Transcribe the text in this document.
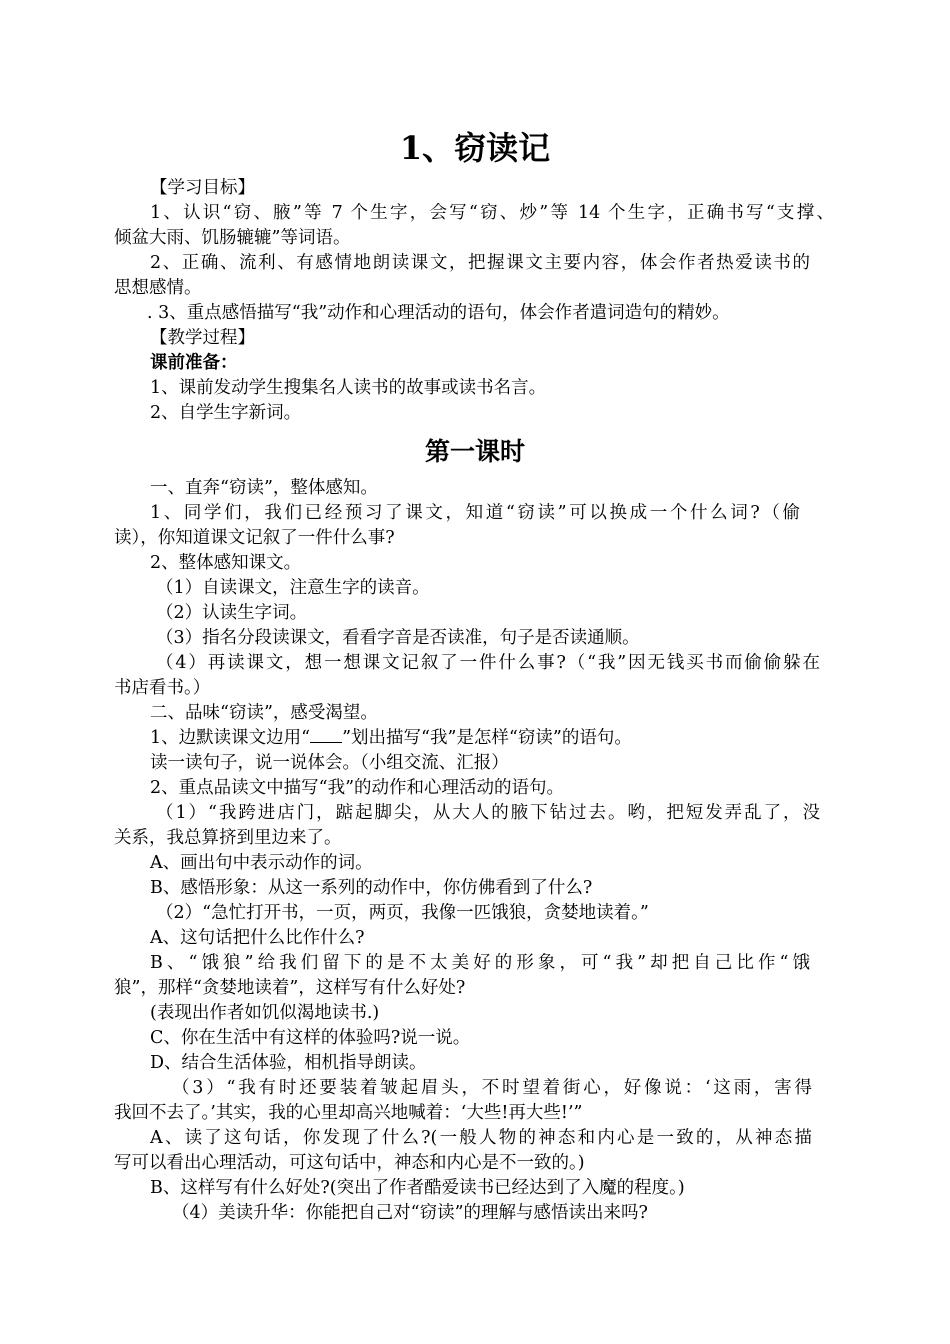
1、窃读记
【学习目标】
1、认识“窃、腋”等 7 个生字，会写“窃、炒”等 14 个生字，正确书写“支撑、
倾盆大雨、饥肠辘辘”等词语。
2、正确、流利、有感情地朗读课文，把握课文主要内容，体会作者热爱读书的
思想感情。
. 3、重点感悟描写“我”动作和心理活动的语句，体会作者遣词造句的精妙。
【教学过程】
课前准备：
1、课前发动学生搜集名人读书的故事或读书名言。
2、自学生字新词。
第一课时
一、直奔“窃读”，整体感知。
1、同学们，我们已经预习了课文，知道“窃读”可以换成一个什么词?（偷
读），你知道课文记叙了一件什么事?
2、整体感知课文。
（1）自读课文，注意生字的读音。
（2）认读生字词。
（3）指名分段读课文，看看字音是否读准，句子是否读通顺。
（4）再读课文，想一想课文记叙了一件什么事?（“我”因无钱买书而偷偷躲在
书店看书。）
二、品味“窃读”，感受渴望。
1、边默读课文边用“ ”划出描写“我”是怎样“窃读”的语句。
读一读句子，说一说体会。（小组交流、汇报）
2、重点品读文中描写“我”的动作和心理活动的语句。
（1）“我跨进店门，踮起脚尖，从大人的腋下钻过去。哟，把短发弄乱了，没
关系，我总算挤到里边来了。
A、画出句中表示动作的词。
B、感悟形象：从这一系列的动作中，你仿佛看到了什么?
（2）“急忙打开书，一页，两页，我像一匹饿狼，贪婪地读着。”
A、这句话把什么比作什么?
B、“饿狼”给我们留下的是不太美好的形象，可“我”却把自己比作“饿
狼”，那样“贪婪地读着”，这样写有什么好处?
(表现出作者如饥似渴地读书.)
C、你在生活中有这样的体验吗?说一说。
D、结合生活体验，相机指导朗读。
（3）“我有时还要装着皱起眉头，不时望着街心，好像说：‘这雨，害得
我回不去了。’其实，我的心里却高兴地喊着：‘大些!再大些!’”
A、读了这句话，你发现了什么?(一般人物的神态和内心是一致的，从神态描
写可以看出心理活动，可这句话中，神态和内心是不一致的。)
B、这样写有什么好处?(突出了作者酷爱读书已经达到了入魔的程度。)
（4）美读升华：你能把自己对“窃读”的理解与感悟读出来吗?
